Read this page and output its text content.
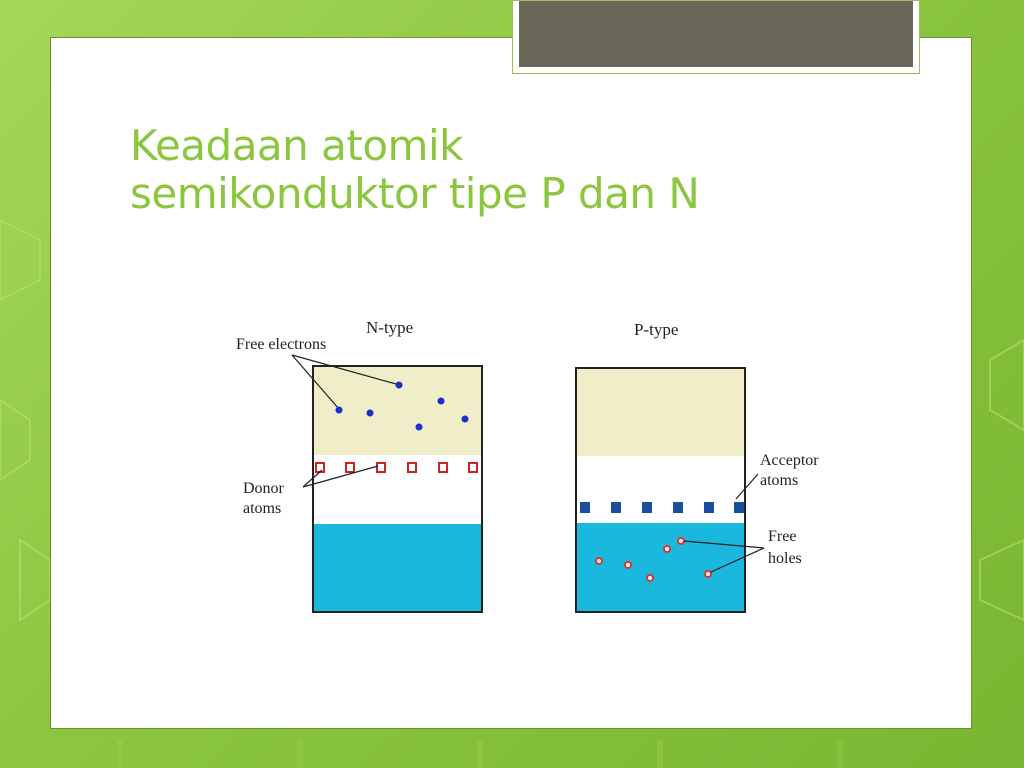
Keadaan atomik
semikonduktor tipe P dan N
N-type
Free electrons
Donor
atoms
P-type
Acceptor
atoms
Free
holes
